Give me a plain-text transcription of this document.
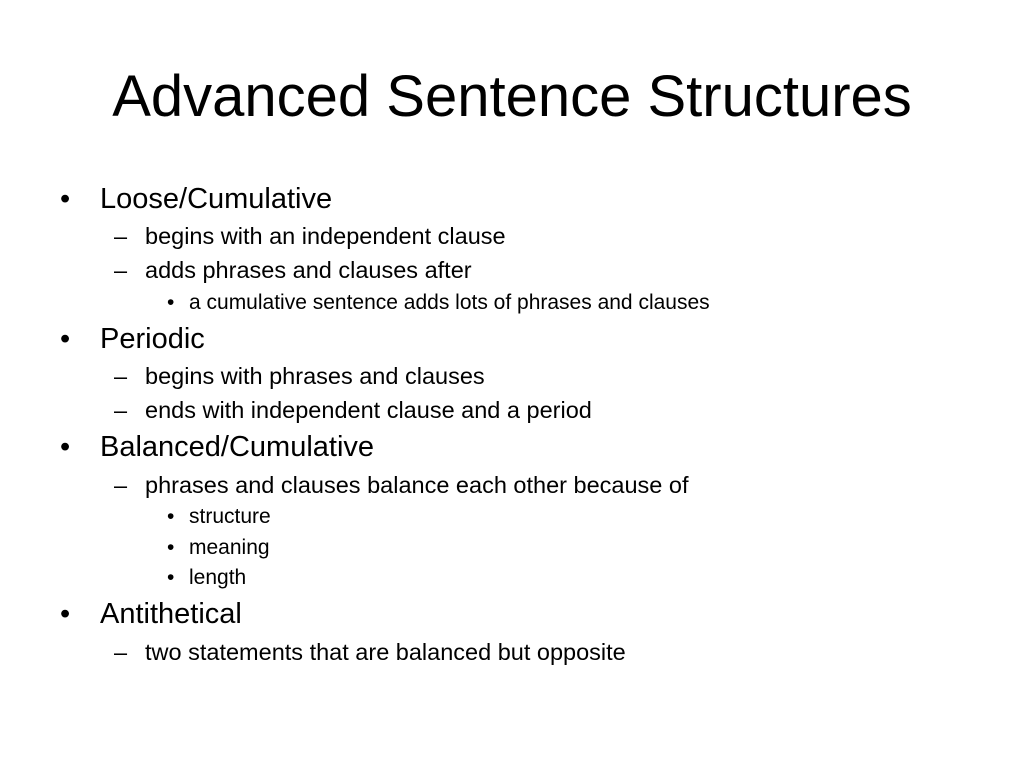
Advanced Sentence Structures
• Loose/Cumulative

– begins with an independent clause

– adds phrases and clauses after

• a cumulative sentence adds lots of phrases and clauses

• Periodic

– begins with phrases and clauses

– ends with independent clause and a period

• Balanced/Cumulative

– phrases and clauses balance each other because of

• structure

• meaning

• length

• Antithetical

– two statements that are balanced but opposite
